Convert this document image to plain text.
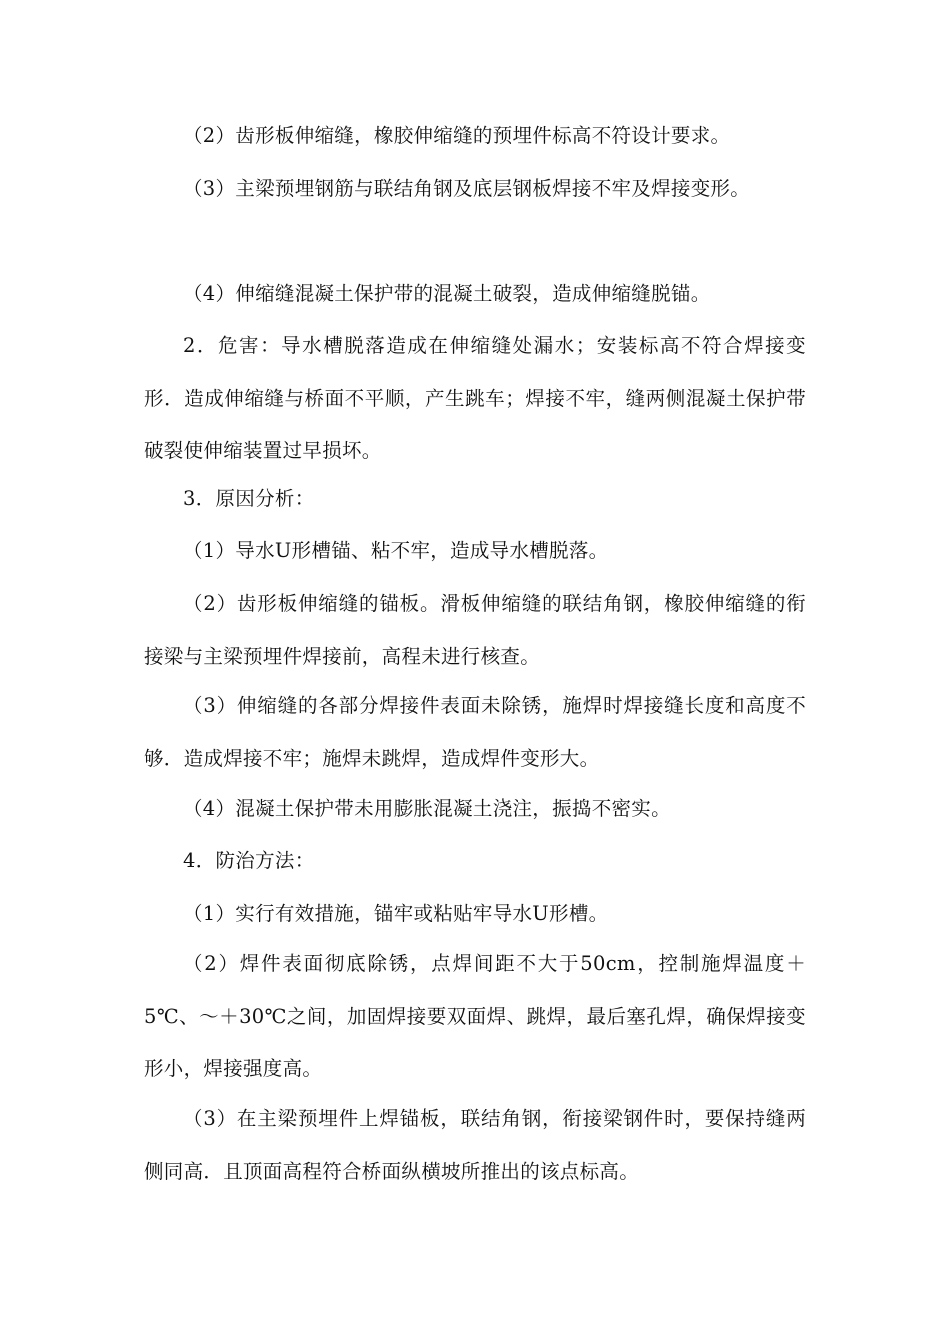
（2）齿形板伸缩缝，橡胶伸缩缝的预埋件标高不符设计要求。

（3）主梁预埋钢筋与联结角钢及底层钢板焊接不牢及焊接变形。

（4）伸缩缝混凝土保护带的混凝土破裂，造成伸缩缝脱锚。

2．危害：导水槽脱落造成在伸缩缝处漏水；安装标高不符合焊接变形．造成伸缩缝与桥面不平顺，产生跳车；焊接不牢，缝两侧混凝土保护带破裂使伸缩装置过早损坏。

3．原因分析：

（1）导水U形槽锚、粘不牢，造成导水槽脱落。

（2）齿形板伸缩缝的锚板。滑板伸缩缝的联结角钢，橡胶伸缩缝的衔接梁与主梁预埋件焊接前，高程未进行核查。

（3）伸缩缝的各部分焊接件表面未除锈，施焊时焊接缝长度和高度不够．造成焊接不牢；施焊未跳焊，造成焊件变形大。

（4）混凝土保护带未用膨胀混凝土浇注，振捣不密实。

4．防治方法：

（1）实行有效措施，锚牢或粘贴牢导水U形槽。

（2）焊件表面彻底除锈，点焊间距不大于50cm，控制施焊温度＋5℃、～＋30℃之间，加固焊接要双面焊、跳焊，最后塞孔焊，确保焊接变形小，焊接强度高。

（3）在主梁预埋件上焊锚板，联结角钢，衔接梁钢件时，要保持缝两侧同高．且顶面高程符合桥面纵横坡所推出的该点标高。
